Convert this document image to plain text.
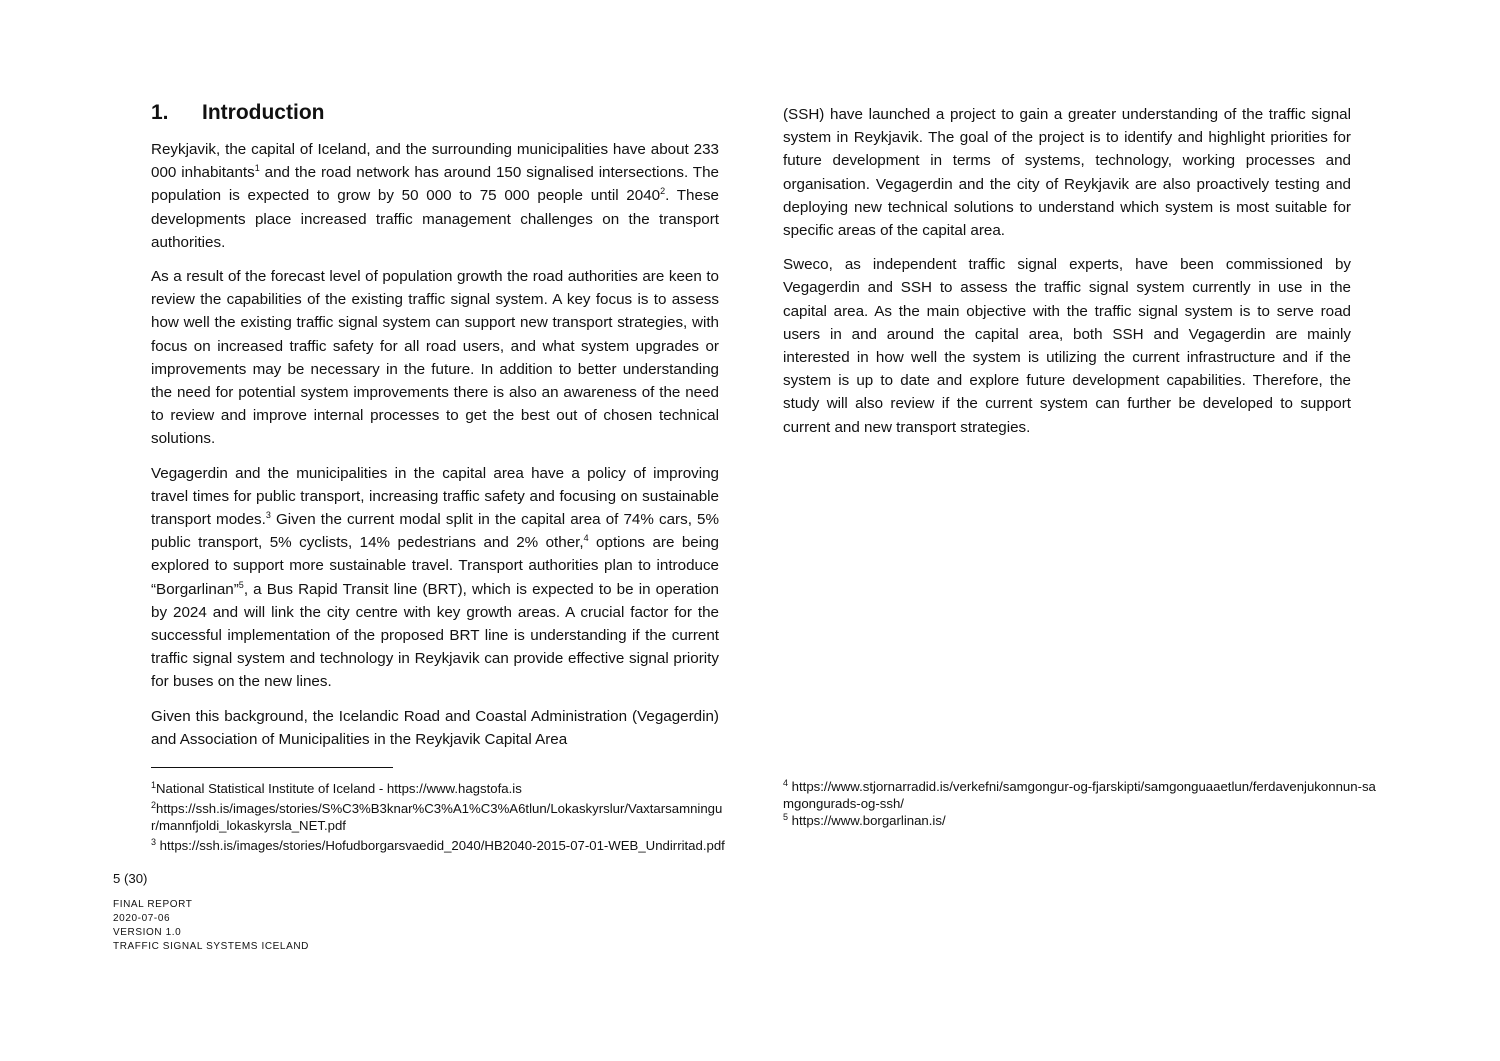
1.	Introduction

Reykjavik, the capital of Iceland, and the surrounding municipalities have about 233 000 inhabitants$^1$ and the road network has around 150 signalised intersections. The population is expected to grow by 50 000 to 75 000 people until 2040$^2$. These developments place increased traffic management challenges on the transport authorities.

As a result of the forecast level of population growth the road authorities are keen to review the capabilities of the existing traffic signal system. A key focus is to assess how well the existing traffic signal system can support new transport strategies, with focus on increased traffic safety for all road users, and what system upgrades or improvements may be necessary in the future. In addition to better understanding the need for potential system improvements there is also an awareness of the need to review and improve internal processes to get the best out of chosen technical solutions.

Vegagerdin and the municipalities in the capital area have a policy of improving travel times for public transport, increasing traffic safety and focusing on sustainable transport modes.$^3$ Given the current modal split in the capital area of 74% cars, 5% public transport, 5% cyclists, 14% pedestrians and 2% other,$^4$ options are being explored to support more sustainable travel. Transport authorities plan to introduce “Borgarlinan”$^5$, a Bus Rapid Transit line (BRT), which is expected to be in operation by 2024 and will link the city centre with key growth areas. A crucial factor for the successful implementation of the proposed BRT line is understanding if the current traffic signal system and technology in Reykjavik can provide effective signal priority for buses on the new lines.

Given this background, the Icelandic Road and Coastal Administration (Vegagerdin) and Association of Municipalities in the Reykjavik Capital Area

(SSH) have launched a project to gain a greater understanding of the traffic signal system in Reykjavik. The goal of the project is to identify and highlight priorities for future development in terms of systems, technology, working processes and organisation. Vegagerdin and the city of Reykjavik are also proactively testing and deploying new technical solutions to understand which system is most suitable for specific areas of the capital area.

Sweco, as independent traffic signal experts, have been commissioned by Vegagerdin and SSH to assess the traffic signal system currently in use in the capital area. As the main objective with the traffic signal system is to serve road users in and around the capital area, both SSH and Vegagerdin are mainly interested in how well the system is utilizing the current infrastructure and if the system is up to date and explore future development capabilities. Therefore, the study will also review if the current system can further be developed to support current and new transport strategies.

$^1$National Statistical Institute of Iceland - https://www.hagstofa.is
$^2$https://ssh.is/images/stories/S%C3%B3knar%C3%A1%C3%A6tlun/Lokaskyrslur/Vaxtarsamningur/mannfjoldi_lokaskyrsla_NET.pdf
$^3$ https://ssh.is/images/stories/Hofudborgarsvaedid_2040/HB2040-2015-07-01-WEB_Undirritad.pdf
$^4$ https://www.stjornarradid.is/verkefni/samgongur-og-fjarskipti/samgonguaaetlun/ferdavenjukonnun-samgongurads-og-ssh/
$^5$ https://www.borgarlinan.is/
5 (30)
FINAL REPORT
2020-07-06
VERSION 1.0
TRAFFIC SIGNAL SYSTEMS ICELAND
